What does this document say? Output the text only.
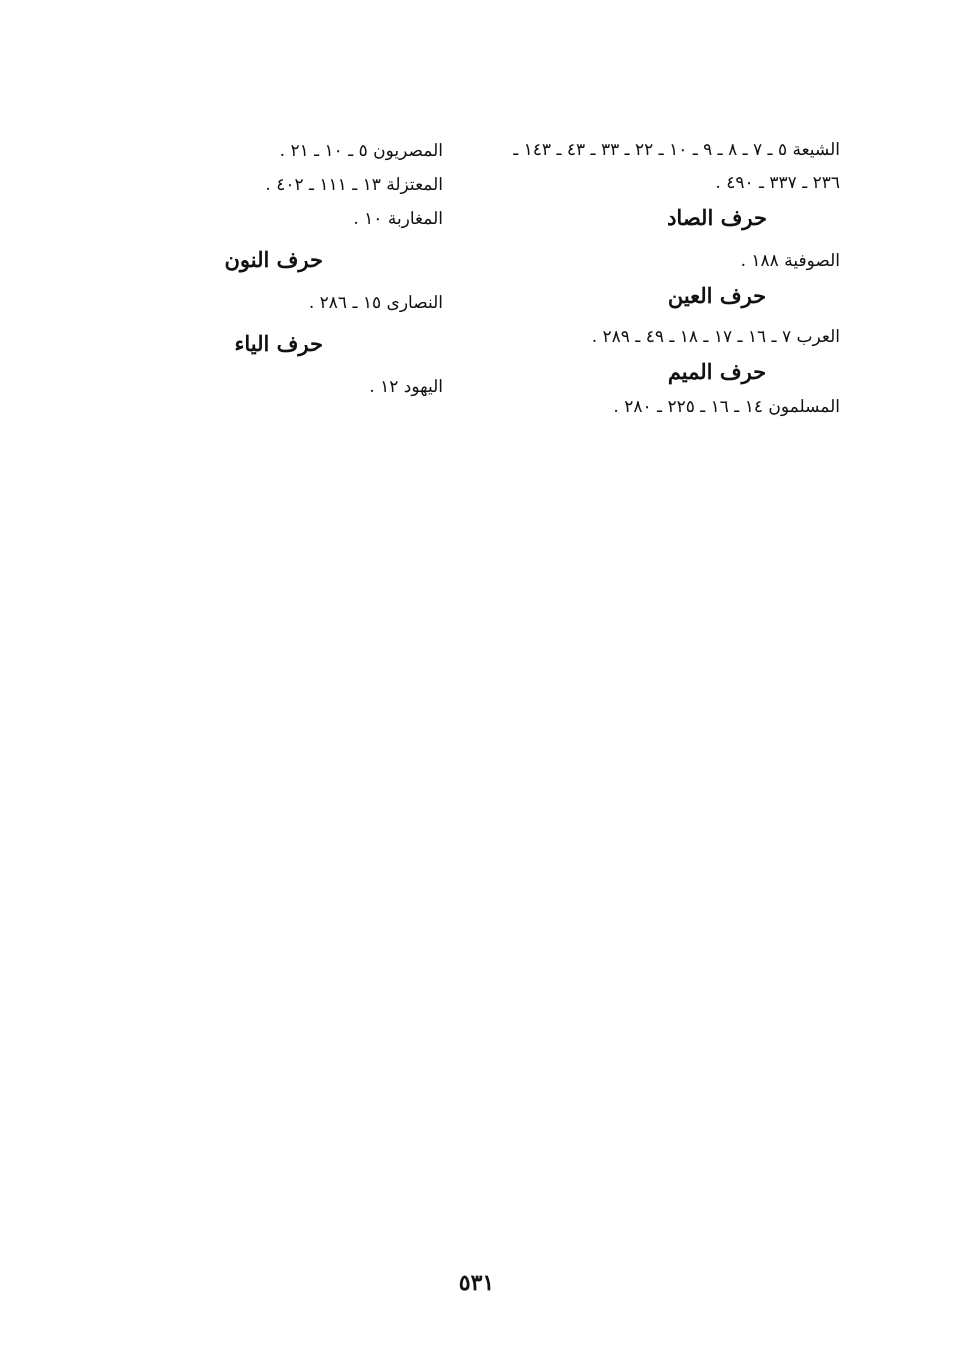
الشيعة ٥ ـ ٧ ـ ٨ ـ ٩ ـ ١٠ ـ ٢٢ ـ ٣٣ ـ ٤٣ ـ ١٤٣ ـ ٢٣٦ ـ ٣٣٧ ـ ٤٩٠ .
حرف الصاد
الصوفية ١٨٨ .
حرف العين
العرب ٧ ـ ١٦ ـ ١٧ ـ ١٨ ـ ٤٩ ـ ٢٨٩ .
حرف الميم
المسلمون ١٤ ـ ١٦ ـ ٢٢٥ ـ ٢٨٠ .
المصريون ٥ ـ ١٠ ـ ٢١ .
المعتزلة ١٣ ـ ١١١ ـ ٤٠٢ .
المغاربة ١٠ .
حرف النون
النصارى ١٥ ـ ٢٨٦ .
حرف الياء
اليهود ١٢ .
٥٣١
